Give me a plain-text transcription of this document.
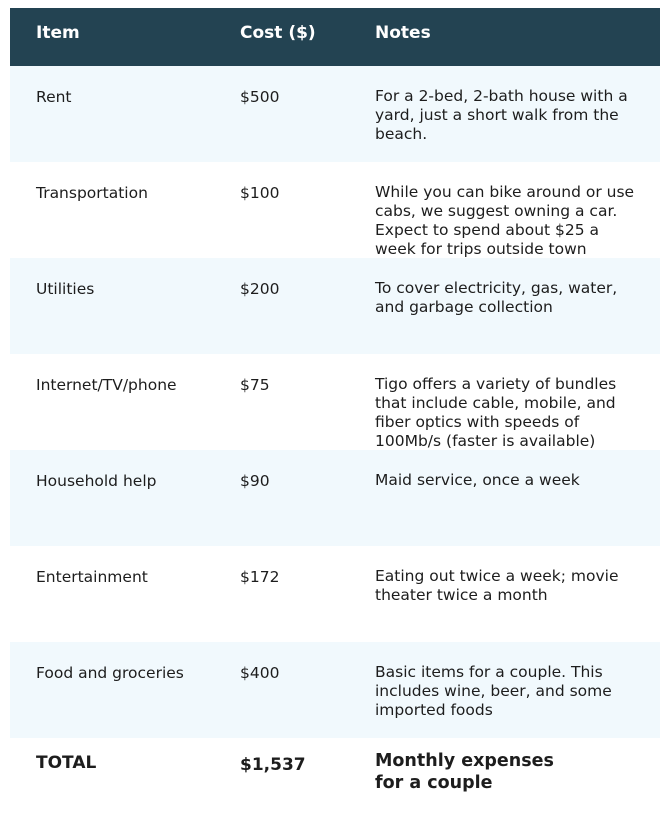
Item	Cost ($)	Notes
Rent	$500	For a 2-bed, 2-bath house with a yard, just a short walk from the beach.
Transportation	$100	While you can bike around or use cabs, we suggest owning a car. Expect to spend about $25 a week for trips outside town
Utilities	$200	To cover electricity, gas, water, and garbage collection
Internet/TV/phone	$75	Tigo offers a variety of bundles that include cable, mobile, and fiber optics with speeds of 100Mb/s (faster is available)
Household help	$90	Maid service, once a week
Entertainment	$172	Eating out twice a week; movie theater twice a month
Food and groceries	$400	Basic items for a couple. This includes wine, beer, and some imported foods
TOTAL	$1,537	Monthly expenses for a couple
